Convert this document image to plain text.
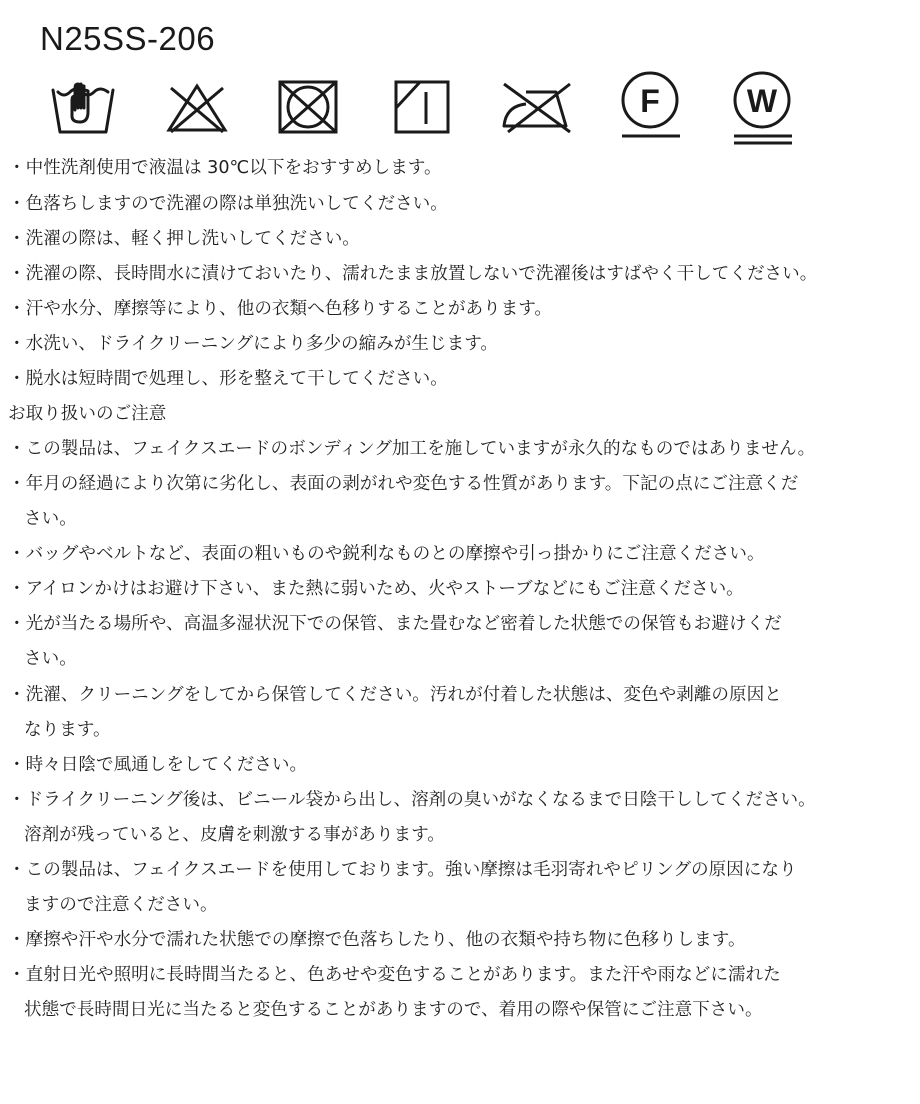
N25SS-206
F	W
・中性洗剤使用で液温は 30℃以下をおすすめします。
・色落ちしますので洗濯の際は単独洗いしてください。
・洗濯の際は、軽く押し洗いしてください。
・洗濯の際、長時間水に漬けておいたり、濡れたまま放置しないで洗濯後はすばやく干してください。
・汗や水分、摩擦等により、他の衣類へ色移りすることがあります。
・水洗い、ドライクリーニングにより多少の縮みが生じます。
・脱水は短時間で処理し、形を整えて干してください。
お取り扱いのご注意
・この製品は、フェイクスエードのボンディング加工を施していますが永久的なものではありません。
・年月の経過により次第に劣化し、表面の剥がれや変色する性質があります。下記の点にご注意くだ
さい。
・バッグやベルトなど、表面の粗いものや鋭利なものとの摩擦や引っ掛かりにご注意ください。
・アイロンかけはお避け下さい、また熱に弱いため、火やストーブなどにもご注意ください。
・光が当たる場所や、高温多湿状況下での保管、また畳むなど密着した状態での保管もお避けくだ
さい。
・洗濯、クリーニングをしてから保管してください。汚れが付着した状態は、変色や剥離の原因と
なります。
・時々日陰で風通しをしてください。
・ドライクリーニング後は、ビニール袋から出し、溶剤の臭いがなくなるまで日陰干ししてください。
溶剤が残っていると、皮膚を刺激する事があります。
・この製品は、フェイクスエードを使用しております。強い摩擦は毛羽寄れやピリングの原因になり
ますので注意ください。
・摩擦や汗や水分で濡れた状態での摩擦で色落ちしたり、他の衣類や持ち物に色移りします。
・直射日光や照明に長時間当たると、色あせや変色することがあります。また汗や雨などに濡れた
状態で長時間日光に当たると変色することがありますので、着用の際や保管にご注意下さい。
